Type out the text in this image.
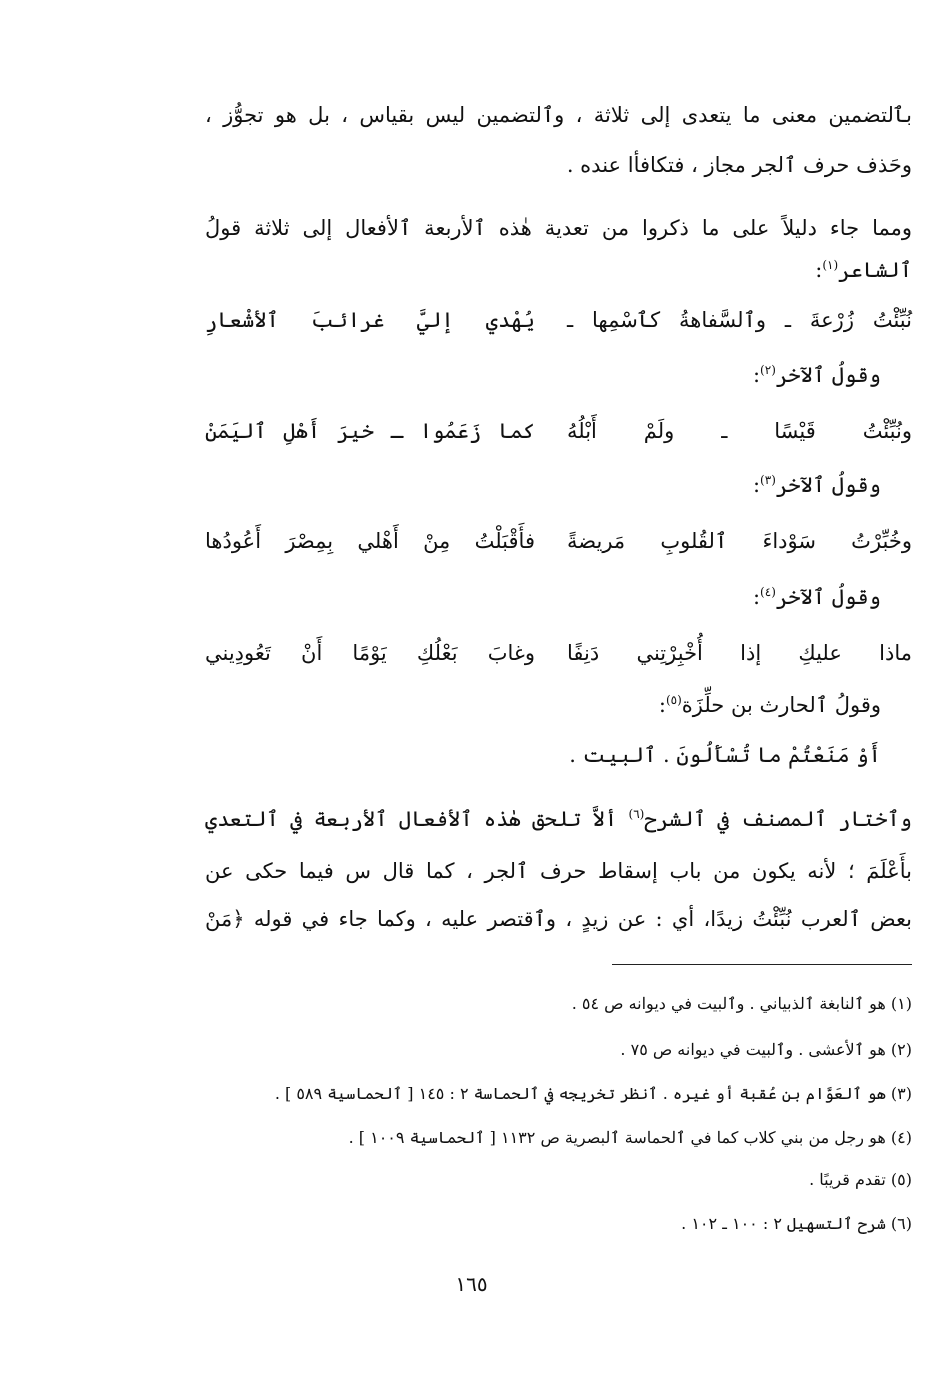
بٱلتضمين معنى ما يتعدى إلى ثلاثة ، وٱلتضمين ليس بقياس ، بل هو تجوُّز ،
وحَذف حرف ٱلجر مجاز ، فتكافأا عنده .
ومما جاء دليلاً على ما ذكروا من تعدية هٰذه ٱلأربعة ٱلأفعال إلى ثلاثة قولُ
ٱلشاعر$^{(١)}$:
نُبِّئْتُ زُرْعةَ ـ وٱلسَّفاهةُ كٱسْمِها ـ
يُهْدي إليَّ غرائبَ ٱلأشْعارِ
وقولُ ٱلآخر$^{(٢)}$:
ونُبِّئْتُ قَيْسًا ـ ولَمْ أَبْلُهُ
كما زَعَمُوا ـ خيرَ أَهْلِ ٱليَمَنْ
وقولُ ٱلآخر$^{(٣)}$:
وخُبِّرْتُ سَوْداءَ ٱلقُلوبِ مَريضةً
فأَقْبَلْتُ مِنْ أَهْلي بِمِصْرَ أَعُودُها
وقولُ ٱلآخر$^{(٤)}$:
ماذا عليكِ إذا أُخْبِرْتِني دَنِفًا
وغابَ بَعْلُكِ يَوْمًا أَنْ تَعُودِيني
وقولُ ٱلحارث بن حلِّزَة$^{(٥)}$:
أَوْ مَنَعْتُمْ ما تُسْأَلُونَ . ٱلبيت .
وٱختار ٱلمصنف في ٱلشرح$^{(٦)}$ ألاَّ تلحق هٰذه ٱلأفعال ٱلأربعة في ٱلتعدي
بأَعْلَمَ ؛ لأنه يكون من باب إسقاط حرف ٱلجر ، كما قال س فيما حكى عن
بعض ٱلعرب نُبِّئْتُ زيدًا، أي : عن زيدٍ ، وٱقتصر عليه ، وكما جاء في قوله ﴿مَنْ
(١) هو ٱلنابغة ٱلذبياني . وٱلبيت في ديوانه ص ٥٤ .
(٢) هو ٱلأعشى . وٱلبيت في ديوانه ص ٧٥ .
(٣) هو ٱلعَوَّام بن عُقبة أو غيره . ٱنظر تخريجه في ٱلحماسة ٢ : ١٤٥ [ ٱلحماسية ٥٨٩ ] .
(٤) هو رجل من بني كلاب كما في ٱلحماسة ٱلبصرية ص ١١٣٢ [ ٱلحماسية ١٠٠٩ ] .
(٥) تقدم قريبًا .
(٦) شرح ٱلتسهيل ٢ : ١٠٠ ـ ١٠٢ .
١٦٥
